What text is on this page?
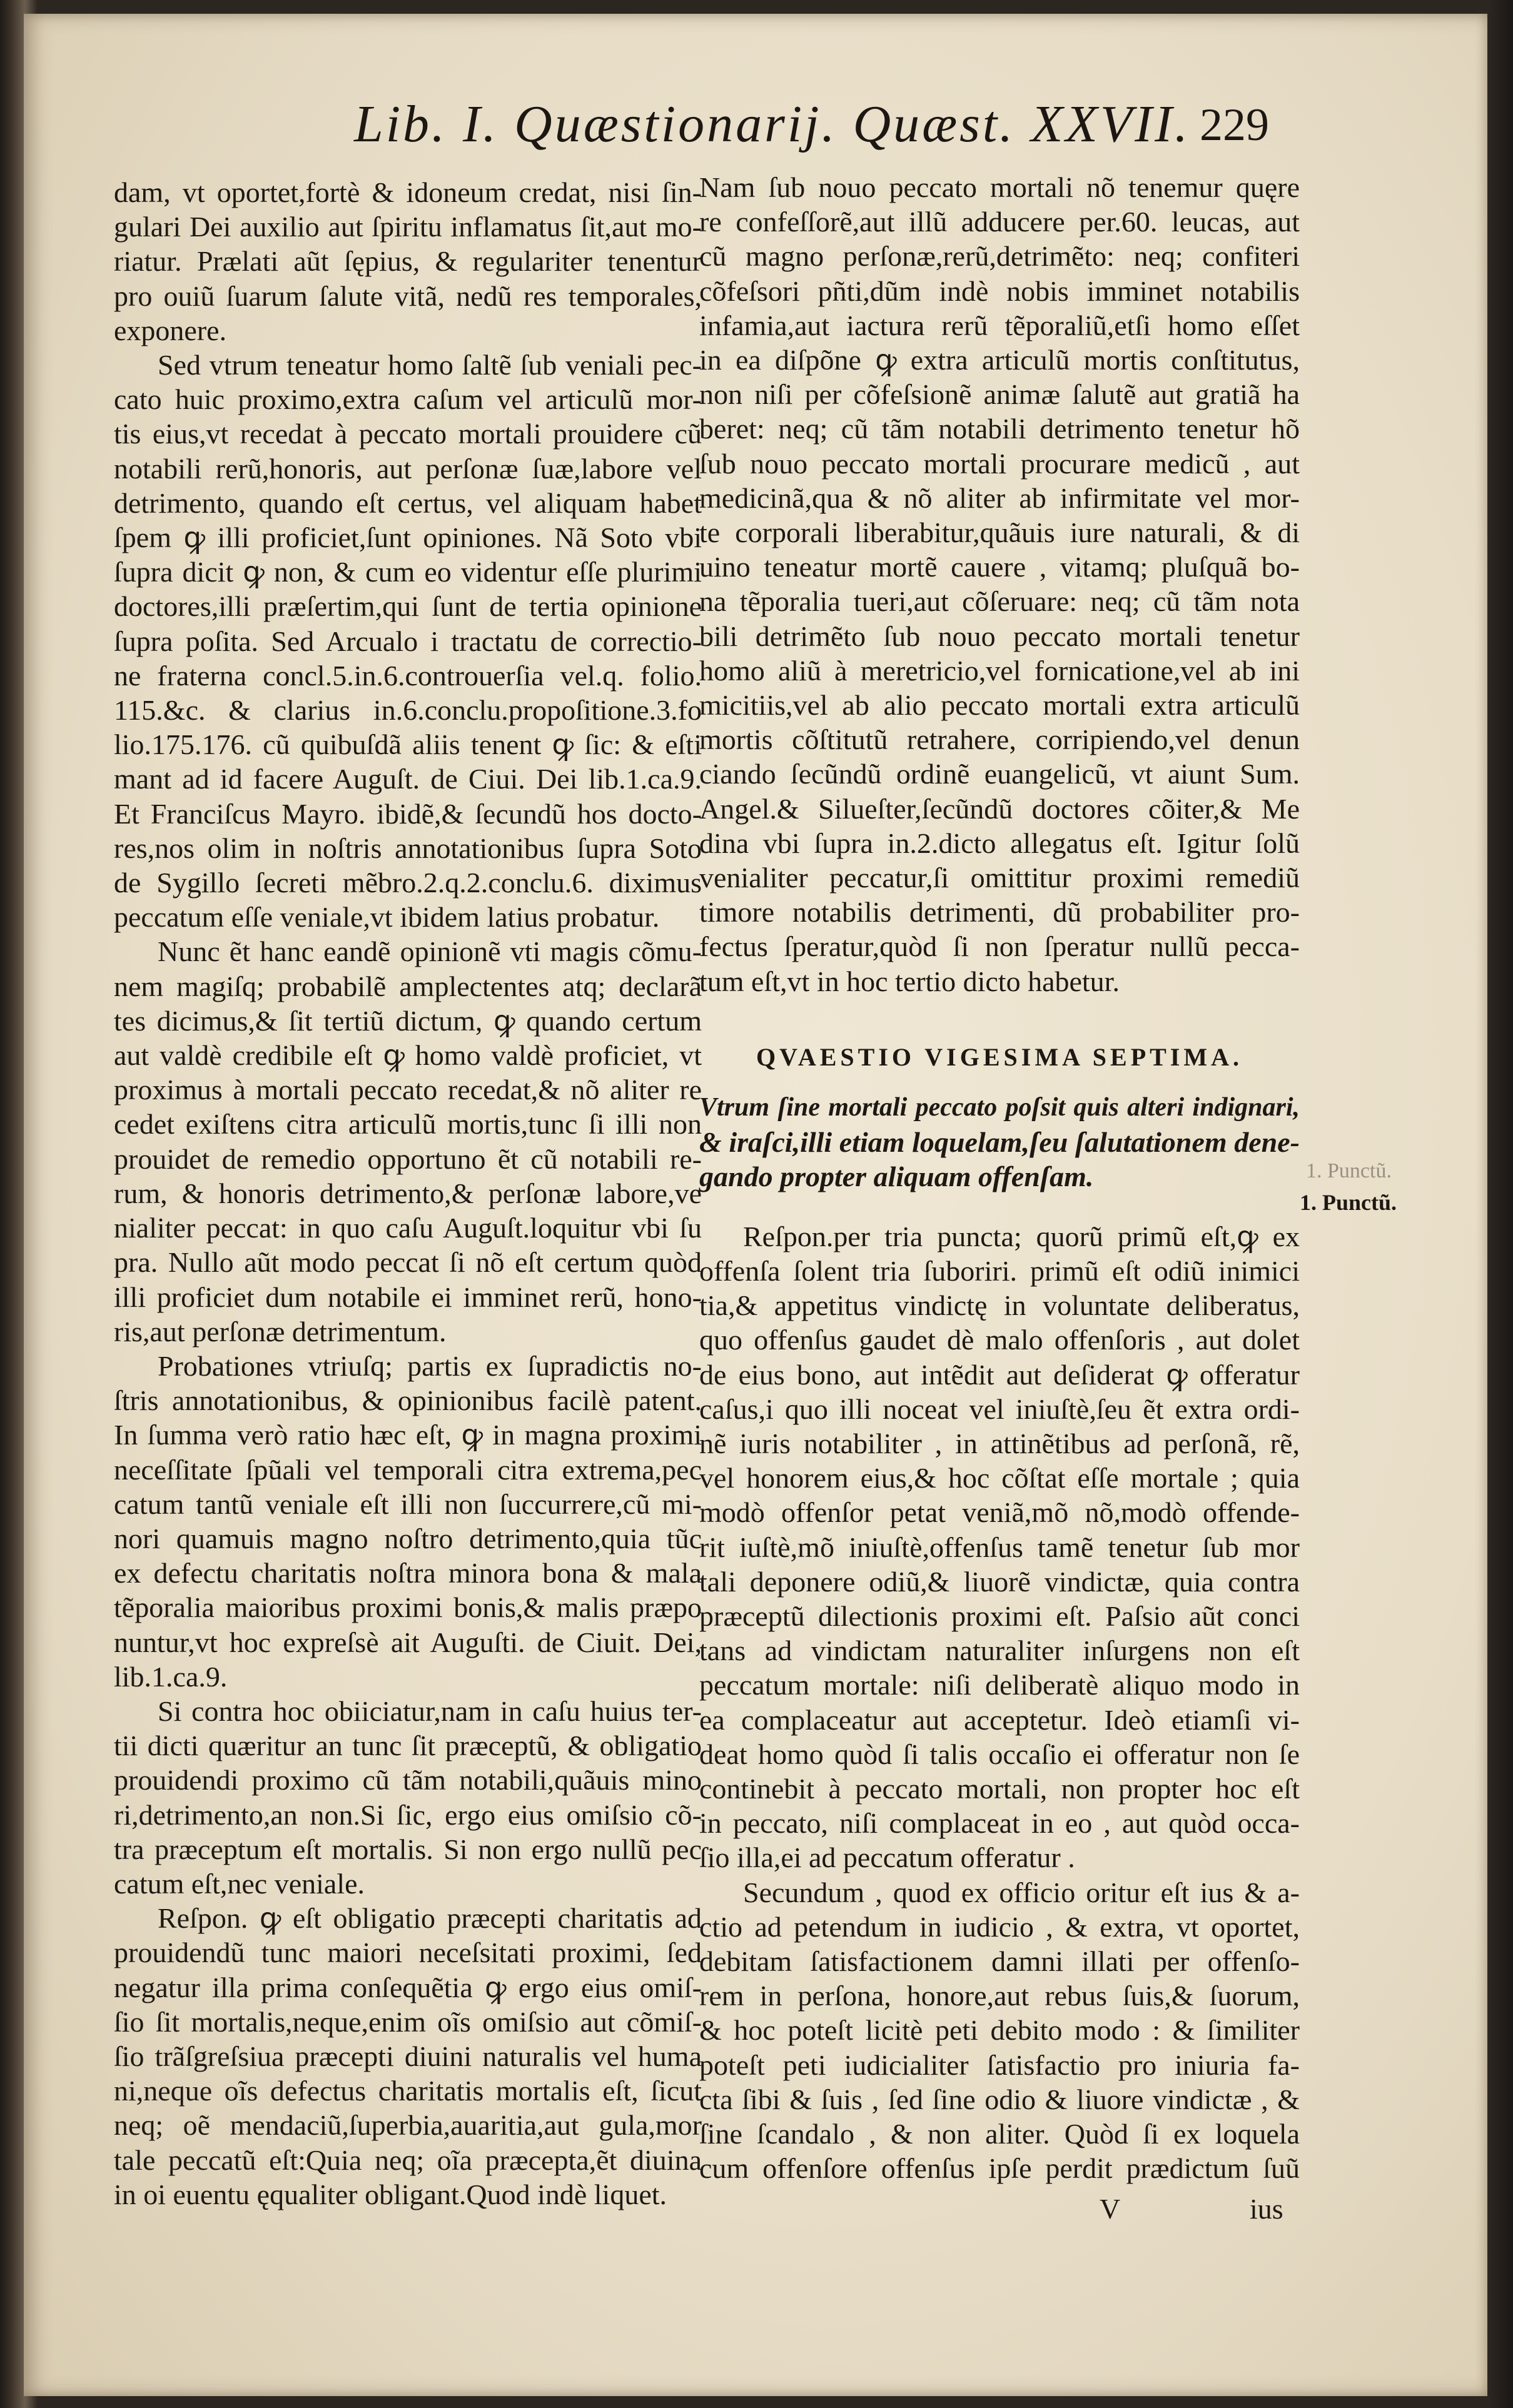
Lib. I. Quæstionarij. Quæst. XXVII. 229
dam, vt oportet,fortè & idoneum credat, nisi ſin-
gulari Dei auxilio aut ſpiritu inflamatus ſit,aut mo-
riatur. Prælati aũt ſępius, & regulariter tenentur
pro ouiũ ſuarum ſalute vitã, nedũ res temporales,
exponere.
Sed vtrum teneatur homo ſaltẽ ſub veniali pec-
cato huic proximo,extra caſum vel articulũ mor-
tis eius,vt recedat à peccato mortali prouidere cũ
notabili rerũ,honoris, aut perſonæ ſuæ,labore vel
detrimento, quando eſt certus, vel aliquam habet
ſpem ꝙ illi proficiet,ſunt opiniones. Nã Soto vbi
ſupra dicit ꝙ non, & cum eo videntur eſſe plurimi
doctores,illi præſertim,qui ſunt de tertia opinione
ſupra poſita. Sed Arcualo i tractatu de correctio-
ne fraterna concl.5.in.6.controuerſia vel.q. folio.
115.&c. & clarius in.6.conclu.propoſitione.3.fo
lio.175.176. cũ quibuſdã aliis tenent ꝙ ſic: & eſti
mant ad id facere Auguſt. de Ciui. Dei lib.1.ca.9.
Et Franciſcus Mayro. ibidẽ,& ſecundũ hos docto-
res,nos olim in noſtris annotationibus ſupra Soto
de Sygillo ſecreti mẽbro.2.q.2.conclu.6. diximus
peccatum eſſe veniale,vt ibidem latius probatur.
Nunc ẽt hanc eandẽ opinionẽ vti magis cõmu-
nem magiſq; probabilẽ amplectentes atq; declarã
tes dicimus,& ſit tertiũ dictum, ꝙ quando certum
aut valdè credibile eſt ꝙ homo valdè proficiet, vt
proximus à mortali peccato recedat,& nõ aliter re
cedet exiſtens citra articulũ mortis,tunc ſi illi non
prouidet de remedio opportuno ẽt cũ notabili re-
rum, & honoris detrimento,& perſonæ labore,ve
nialiter peccat: in quo caſu Auguſt.loquitur vbi ſu
pra. Nullo aũt modo peccat ſi nõ eſt certum quòd
illi proficiet dum notabile ei imminet rerũ, hono-
ris,aut perſonæ detrimentum.
Probationes vtriuſq; partis ex ſupradictis no-
ſtris annotationibus, & opinionibus facilè patent.
In ſumma verò ratio hæc eſt, ꝙ in magna proximi
neceſſitate ſpũali vel temporali citra extrema,pec
catum tantũ veniale eſt illi non ſuccurrere,cũ mi-
nori quamuis magno noſtro detrimento,quia tũc
ex defectu charitatis noſtra minora bona & mala
tẽporalia maioribus proximi bonis,& malis præpo
nuntur,vt hoc expreſsè ait Auguſti. de Ciuit. Dei,
lib.1.ca.9.
Si contra hoc obiiciatur,nam in caſu huius ter-
tii dicti quæritur an tunc ſit præceptũ, & obligatio
prouidendi proximo cũ tãm notabili,quãuis mino
ri,detrimento,an non.Si ſic, ergo eius omiſsio cõ-
tra præceptum eſt mortalis. Si non ergo nullũ pec
catum eſt,nec veniale.
Reſpon. ꝙ eſt obligatio præcepti charitatis ad
prouidendũ tunc maiori neceſsitati proximi, ſed
negatur illa prima conſequẽtia ꝙ ergo eius omiſ-
ſio ſit mortalis,neque,enim oĩs omiſsio aut cõmiſ-
ſio trãſgreſsiua præcepti diuini naturalis vel huma
ni,neque oĩs defectus charitatis mortalis eſt, ſicut
neq; oẽ mendaciũ,ſuperbia,auaritia,aut gula,mor
tale peccatũ eſt:Quia neq; oĩa præcepta,ẽt diuina
in oi euentu ęqualiter obligant.Quod indè liquet.
Nam ſub nouo peccato mortali nõ tenemur quęre
re confeſſorẽ,aut illũ adducere per.60. leucas, aut
cũ magno perſonæ,rerũ,detrimẽto: neq; confiteri
cõfeſsori pñti,dũm indè nobis imminet notabilis
infamia,aut iactura rerũ tẽporaliũ,etſi homo eſſet
in ea diſpõne ꝙ extra articulũ mortis conſtitutus,
non niſi per cõfeſsionẽ animæ ſalutẽ aut gratiã ha
beret: neq; cũ tãm notabili detrimento tenetur hõ
ſub nouo peccato mortali procurare medicũ , aut
medicinã,qua & nõ aliter ab infirmitate vel mor-
te corporali liberabitur,quãuis iure naturali, & di
uino teneatur mortẽ cauere , vitamq; pluſquã bo-
na tẽporalia tueri,aut cõſeruare: neq; cũ tãm nota
bili detrimẽto ſub nouo peccato mortali tenetur
homo aliũ à meretricio,vel fornicatione,vel ab ini
micitiis,vel ab alio peccato mortali extra articulũ
mortis cõſtitutũ retrahere, corripiendo,vel denun
ciando ſecũndũ ordinẽ euangelicũ, vt aiunt Sum.
Angel.& Silueſter,ſecũndũ doctores cõiter,& Me
dina vbi ſupra in.2.dicto allegatus eſt. Igitur ſolũ
venialiter peccatur,ſi omittitur proximi remediũ
timore notabilis detrimenti, dũ probabiliter pro-
fectus ſperatur,quòd ſi non ſperatur nullũ pecca-
tum eſt,vt in hoc tertio dicto habetur.
QVAESTIO VIGESIMA SEPTIMA.
Vtrum ſine mortali peccato poſsit quis alteri indignari,
& iraſci,illi etiam loquelam,ſeu ſalutationem dene-
gando propter aliquam offenſam.
Reſpon.per tria puncta; quorũ primũ eſt,ꝙ ex
offenſa ſolent tria ſuboriri. primũ eſt odiũ inimici
tia,& appetitus vindictę in voluntate deliberatus,
quo offenſus gaudet dè malo offenſoris , aut dolet
de eius bono, aut intẽdit aut deſiderat ꝙ offeratur
caſus,i quo illi noceat vel iniuſtè,ſeu ẽt extra ordi-
nẽ iuris notabiliter , in attinẽtibus ad perſonã, rẽ,
vel honorem eius,& hoc cõſtat eſſe mortale ; quia
modò offenſor petat veniã,mõ nõ,modò offende-
rit iuſtè,mõ iniuſtè,offenſus tamẽ tenetur ſub mor
tali deponere odiũ,& liuorẽ vindictæ, quia contra
præceptũ dilectionis proximi eſt. Paſsio aũt conci
tans ad vindictam naturaliter inſurgens non eſt
peccatum mortale: niſi deliberatè aliquo modo in
ea complaceatur aut acceptetur. Ideò etiamſi vi-
deat homo quòd ſi talis occaſio ei offeratur non ſe
continebit à peccato mortali, non propter hoc eſt
in peccato, niſi complaceat in eo , aut quòd occa-
ſio illa,ei ad peccatum offeratur .
Secundum , quod ex officio oritur eſt ius & a-
ctio ad petendum in iudicio , & extra, vt oportet,
debitam ſatisfactionem damni illati per offenſo-
rem in perſona, honore,aut rebus ſuis,& ſuorum,
& hoc poteſt licitè peti debito modo : & ſimiliter
poteſt peti iudicialiter ſatisfactio pro iniuria fa-
cta ſibi & ſuis , ſed ſine odio & liuore vindictæ , &
ſine ſcandalo , & non aliter. Quòd ſi ex loquela
cum offenſore offenſus ipſe perdit prædictum ſuũ
V	ius
1. Punctũ.
1. Punctũ.
